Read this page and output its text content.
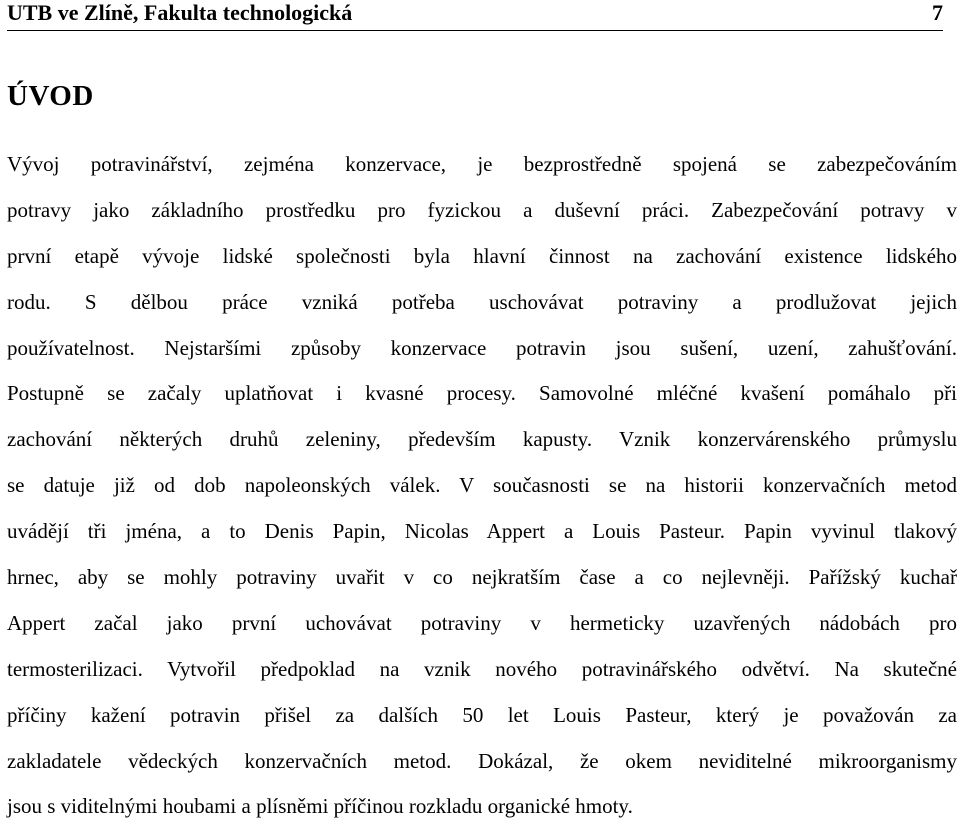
UTB ve Zlíně, Fakulta technologická	7
ÚVOD
Vývoj potravinářství, zejména konzervace, je bezprostředně spojená se zabezpečováním
potravy jako základního prostředku pro fyzickou a duševní práci. Zabezpečování potravy v
první etapě vývoje lidské společnosti byla hlavní činnost na zachování existence lidského
rodu. S dělbou práce vzniká potřeba uschovávat potraviny a prodlužovat jejich
používatelnost. Nejstaršími způsoby konzervace potravin jsou sušení, uzení, zahušťování.
Postupně se začaly uplatňovat i kvasné procesy. Samovolné mléčné kvašení pomáhalo při
zachování některých druhů zeleniny, především kapusty. Vznik konzervárenského průmyslu
se datuje již od dob napoleonských válek. V současnosti se na historii konzervačních metod
uvádějí tři jména, a to Denis Papin, Nicolas Appert a Louis Pasteur. Papin vyvinul tlakový
hrnec, aby se mohly potraviny uvařit v co nejkratším čase a co nejlevněji. Pařížský kuchař
Appert začal jako první uchovávat potraviny v hermeticky uzavřených nádobách pro
termosterilizaci. Vytvořil předpoklad na vznik nového potravinářského odvětví. Na skutečné
příčiny kažení potravin přišel za dalších 50 let Louis Pasteur, který je považován za
zakladatele vědeckých konzervačních metod. Dokázal, že okem neviditelné mikroorganismy
jsou s viditelnými houbami a plísněmi příčinou rozkladu organické hmoty.
